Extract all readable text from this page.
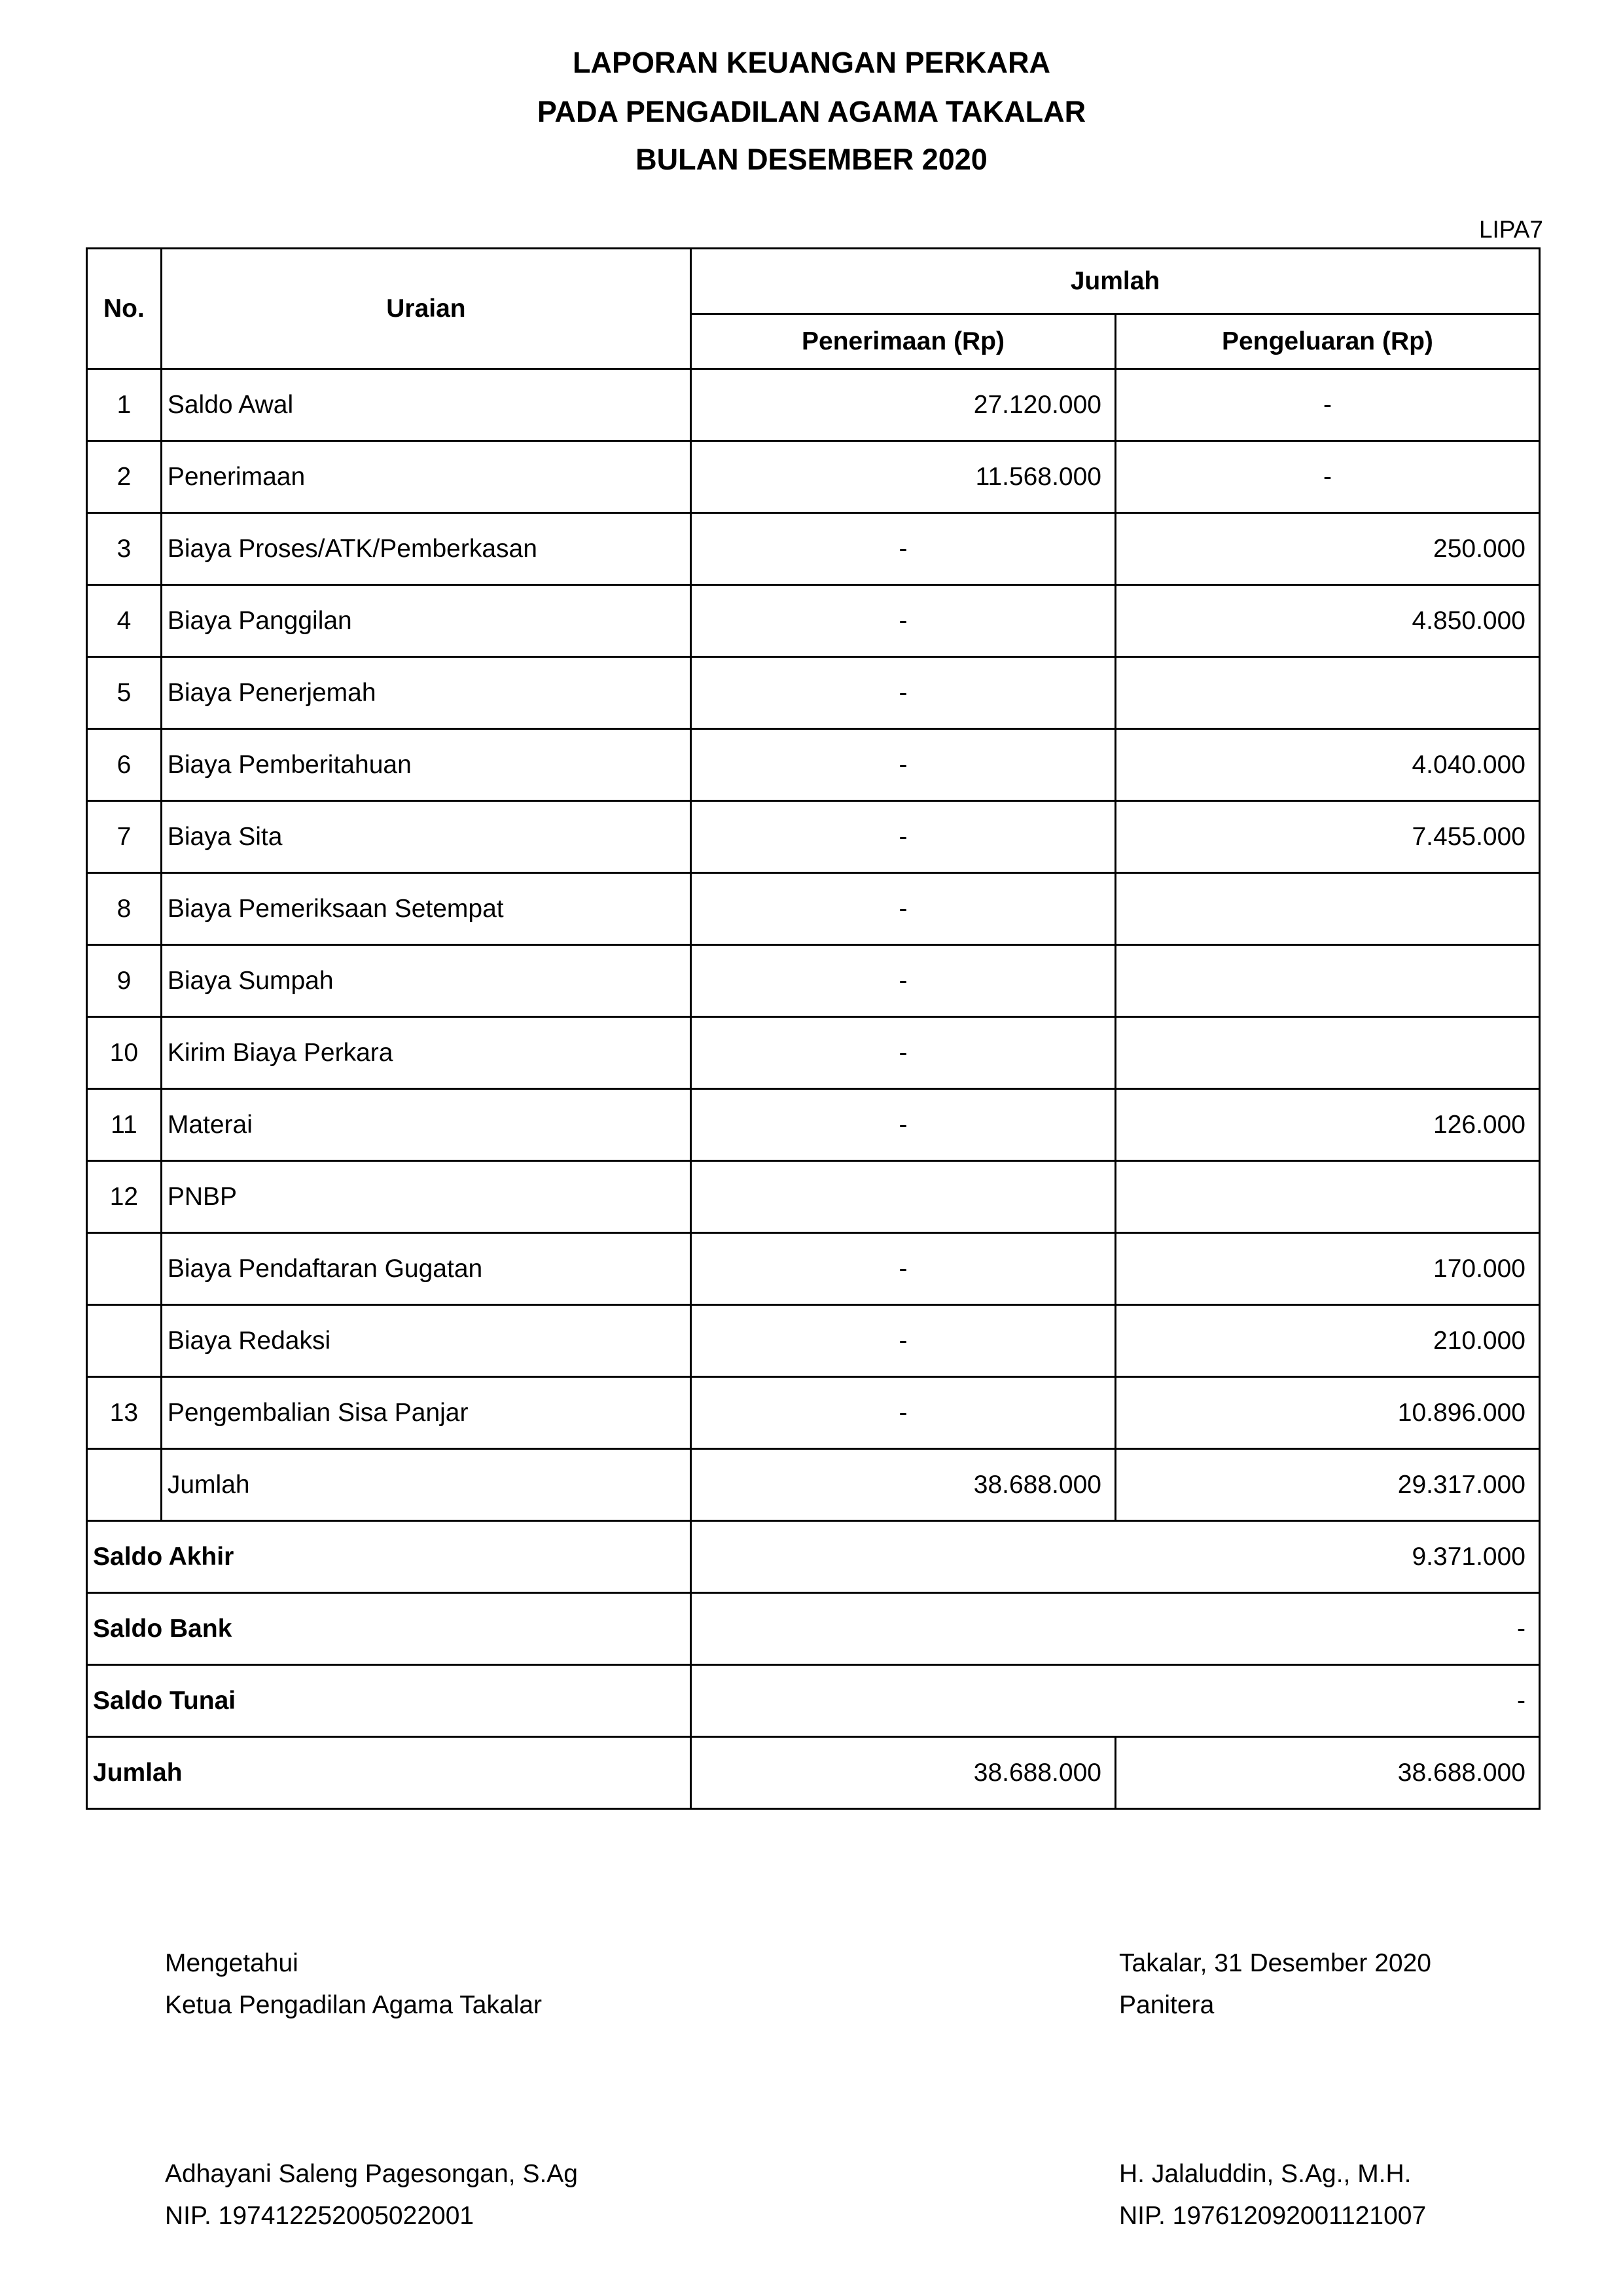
LAPORAN KEUANGAN PERKARA
PADA PENGADILAN AGAMA TAKALAR
BULAN DESEMBER 2020
LIPA7
No.	Uraian	Jumlah	
		Penerimaan (Rp)	Pengeluaran (Rp)
1	Saldo Awal	27.120.000	-
2	Penerimaan	11.568.000	-
3	Biaya Proses/ATK/Pemberkasan	-	250.000
4	Biaya Panggilan	-	4.850.000
5	Biaya Penerjemah	-	
6	Biaya Pemberitahuan	-	4.040.000
7	Biaya Sita	-	7.455.000
8	Biaya Pemeriksaan Setempat	-	
9	Biaya Sumpah	-	
10	Kirim Biaya Perkara	-	
11	Materai	-	126.000
12	PNBP		
	Biaya Pendaftaran Gugatan	-	170.000
	Biaya Redaksi	-	210.000
13	Pengembalian Sisa Panjar	-	10.896.000
	Jumlah	38.688.000	29.317.000
Saldo Akhir		9.371.000	
Saldo Bank		-	
Saldo Tunai		-	
Jumlah		38.688.000	38.688.000
Mengetahui
Ketua Pengadilan Agama Takalar
Adhayani Saleng Pagesongan, S.Ag
NIP. 197412252005022001
Takalar, 31 Desember 2020
Panitera
H. Jalaluddin, S.Ag., M.H.
NIP. 197612092001121007
